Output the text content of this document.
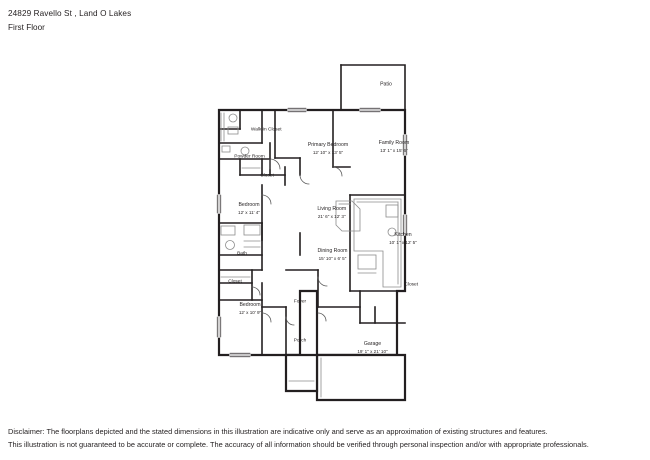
24829 Ravello St , Land O Lakes
First Floor
Patio
Walk-in Closet
Powder Room
Primary Bedroom
12' 10" x 13' 5"
Family Room
13' 1" x 15' 6"
Closet
Bedroom
12' x 11' 4"
Living Room
21' 6" x 12' 3"
Kitchen
10' 1" x 12' 5"
Bath
Dining Room
15' 10" x 6' 5"
Closet
Closet
Bedroom
12' x 10' 9"
Foyer
Porch
Garage
19' 1" x 21' 10"
Disclaimer: The floorplans depicted and the stated dimensions in this illustration are indicative only and serve as an approximation of existing structures and features.
This illustration is not guaranteed to be accurate or complete. The accuracy of all information should be verified through personal inspection and/or with appropriate professionals.
